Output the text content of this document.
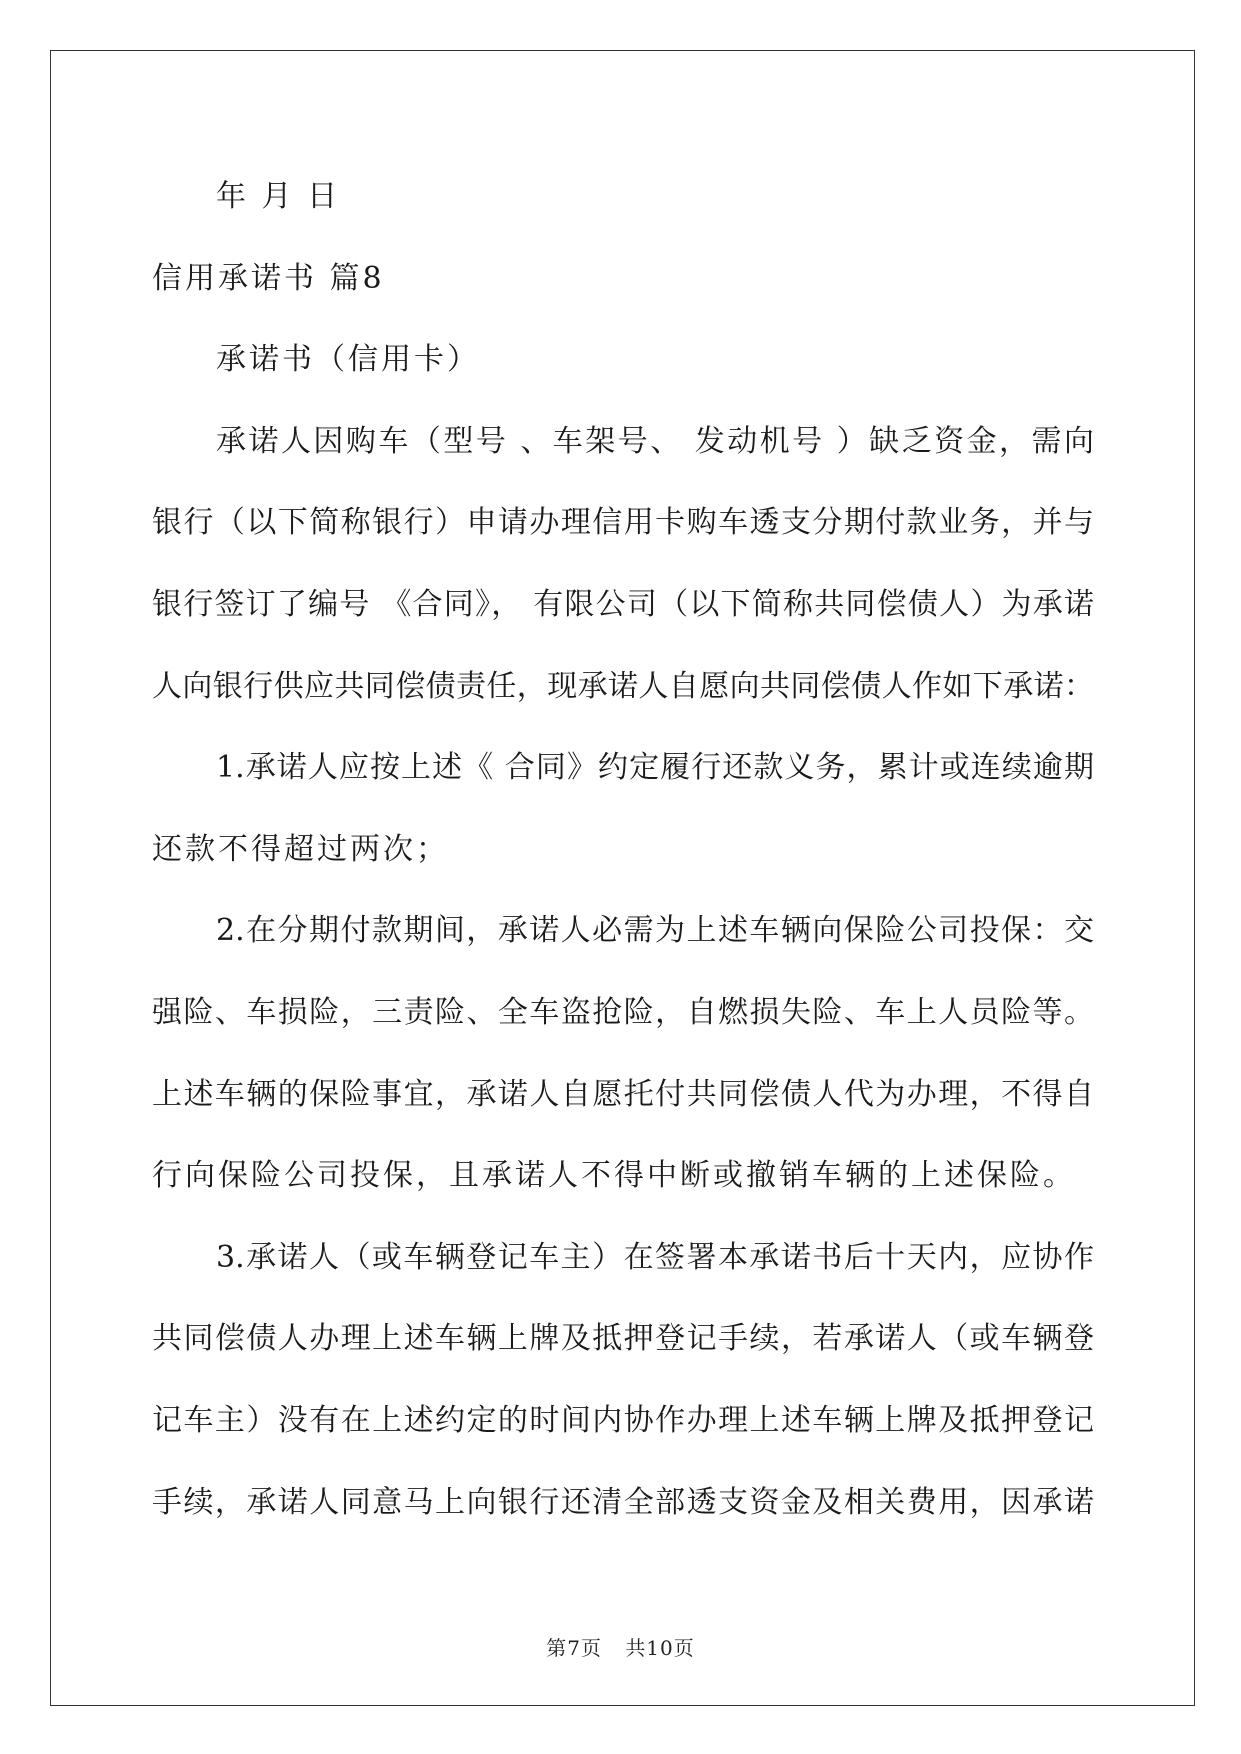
年 月 日
信用承诺书 篇8
承诺书（信用卡）
承诺人因购车（型号 、车架号、 发动机号 ）缺乏资金，需向
银行（以下简称银行）申请办理信用卡购车透支分期付款业务，并与
银行签订了编号 《合同》， 有限公司（以下简称共同偿债人）为承诺
人向银行供应共同偿债责任，现承诺人自愿向共同偿债人作如下承诺：
1.承诺人应按上述《 合同》约定履行还款义务，累计或连续逾期
还款不得超过两次；
2.在分期付款期间，承诺人必需为上述车辆向保险公司投保：交
强险、车损险，三责险、全车盗抢险，自燃损失险、车上人员险等。
上述车辆的保险事宜，承诺人自愿托付共同偿债人代为办理，不得自
行向保险公司投保，且承诺人不得中断或撤销车辆的上述保险。
3.承诺人（或车辆登记车主）在签署本承诺书后十天内，应协作
共同偿债人办理上述车辆上牌及抵押登记手续，若承诺人（或车辆登
记车主）没有在上述约定的时间内协作办理上述车辆上牌及抵押登记
手续，承诺人同意马上向银行还清全部透支资金及相关费用，因承诺
第7页 共10页
